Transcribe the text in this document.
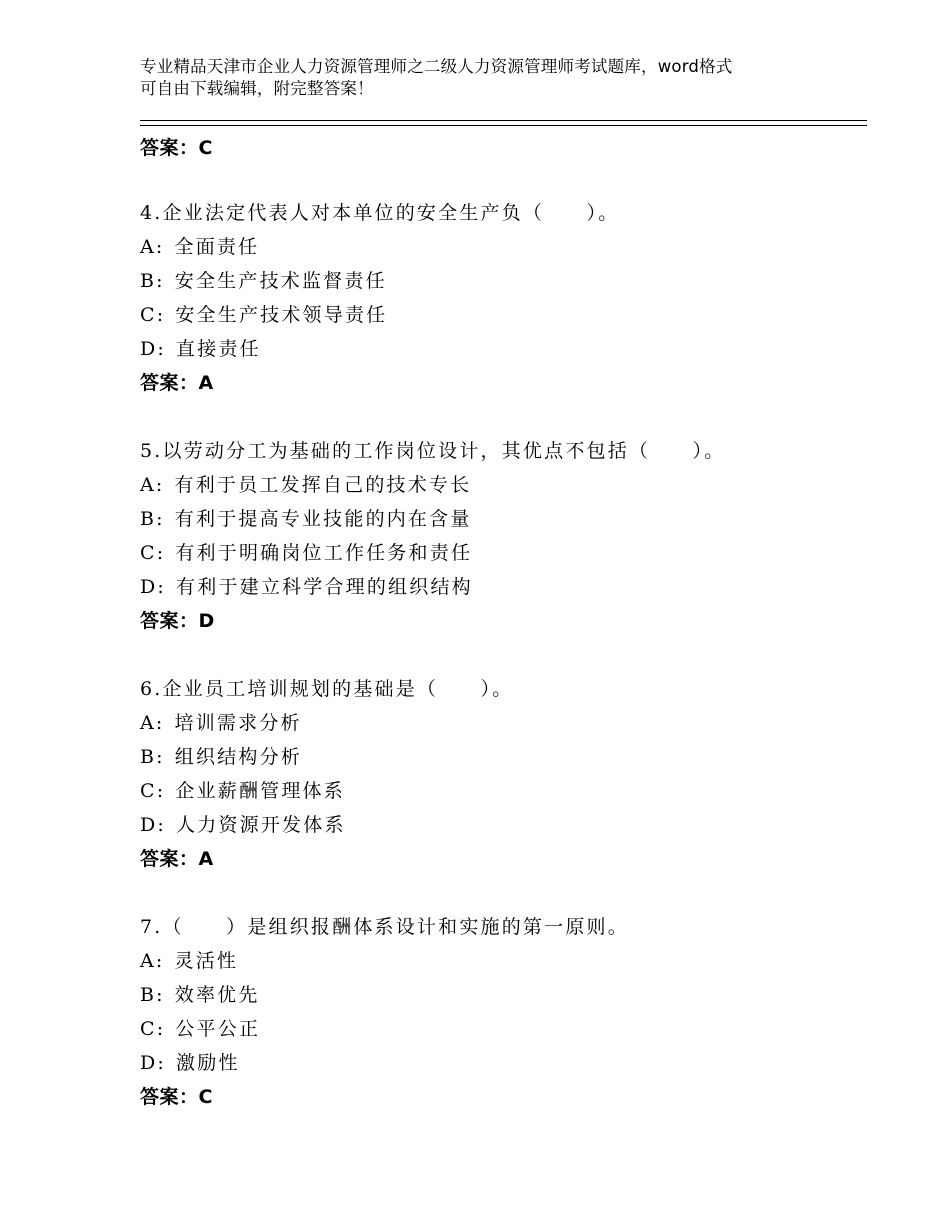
专业精品天津市企业人力资源管理师之二级人力资源管理师考试题库，word格式
可自由下载编辑，附完整答案！
答案：C
4.企业法定代表人对本单位的安全生产负（　　）。
A: 全面责任
B: 安全生产技术监督责任
C: 安全生产技术领导责任
D: 直接责任
答案：A
5.以劳动分工为基础的工作岗位设计，其优点不包括（　　）。
A: 有利于员工发挥自己的技术专长
B: 有利于提高专业技能的内在含量
C: 有利于明确岗位工作任务和责任
D: 有利于建立科学合理的组织结构
答案：D
6.企业员工培训规划的基础是（　　）。
A: 培训需求分析
B: 组织结构分析
C: 企业薪酬管理体系
D: 人力资源开发体系
答案：A
7.（　　）是组织报酬体系设计和实施的第一原则。
A: 灵活性
B: 效率优先
C: 公平公正
D: 激励性
答案：C
